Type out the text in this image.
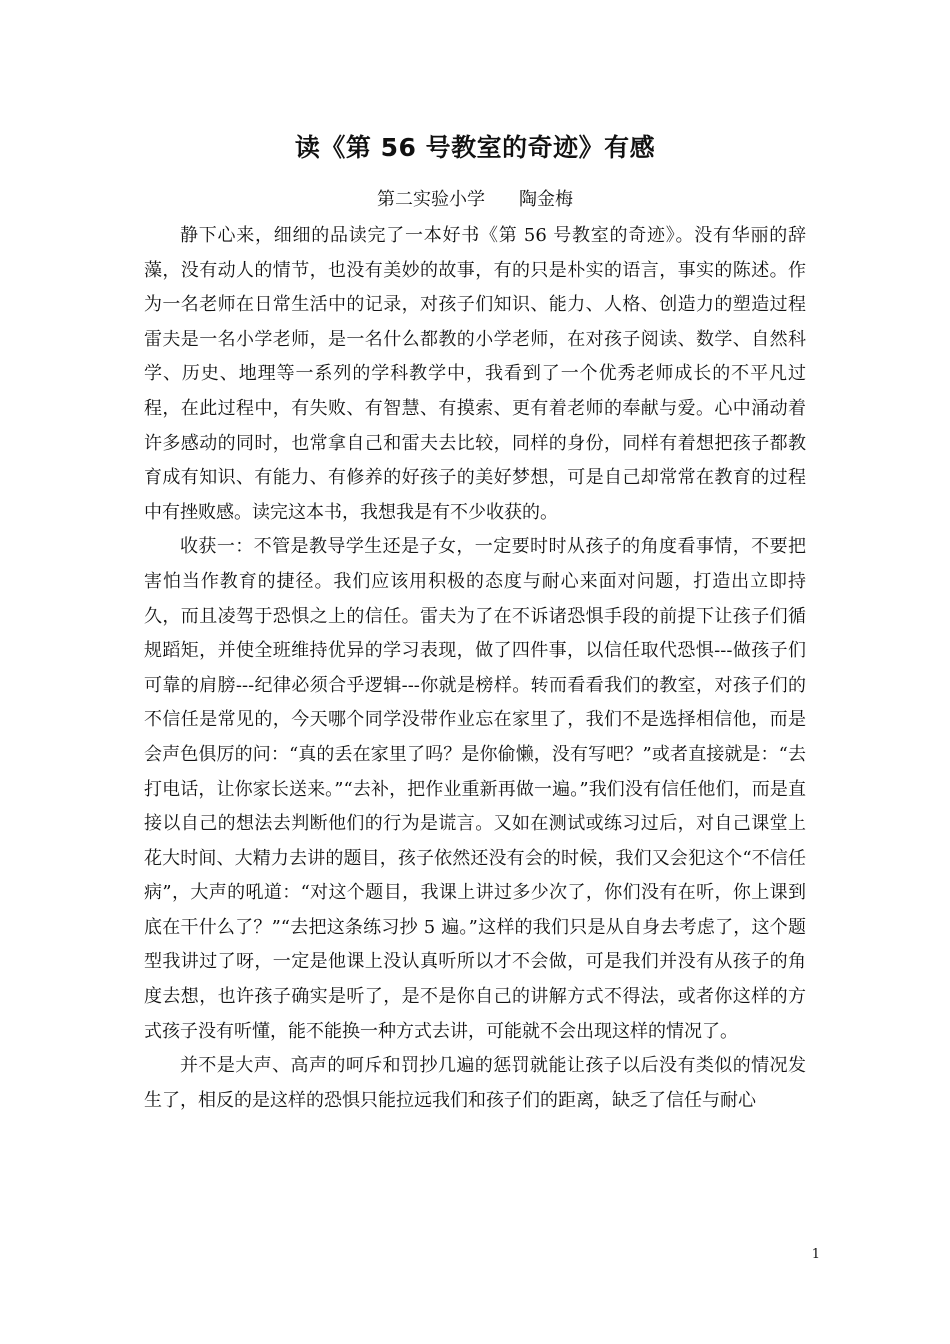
读《第 56 号教室的奇迹》有感
第二实验小学 陶金梅

静下心来，细细的品读完了一本好书《第 56 号教室的奇迹》。没有华丽的辞藻，没有动人的情节，也没有美妙的故事，有的只是朴实的语言，事实的陈述。作为一名老师在日常生活中的记录，对孩子们知识、能力、人格、创造力的塑造过程雷夫是一名小学老师，是一名什么都教的小学老师，在对孩子阅读、数学、自然科学、历史、地理等一系列的学科教学中，我看到了一个优秀老师成长的不平凡过程，在此过程中，有失败、有智慧、有摸索、更有着老师的奉献与爱。心中涌动着许多感动的同时，也常拿自己和雷夫去比较，同样的身份，同样有着想把孩子都教育成有知识、有能力、有修养的好孩子的美好梦想，可是自己却常常在教育的过程中有挫败感。读完这本书，我想我是有不少收获的。

收获一：不管是教导学生还是子女，一定要时时从孩子的角度看事情，不要把害怕当作教育的捷径。我们应该用积极的态度与耐心来面对问题，打造出立即持久，而且凌驾于恐惧之上的信任。雷夫为了在不诉诸恐惧手段的前提下让孩子们循规蹈矩，并使全班维持优异的学习表现，做了四件事，以信任取代恐惧---做孩子们可靠的肩膀---纪律必须合乎逻辑---你就是榜样。转而看看我们的教室，对孩子们的不信任是常见的，今天哪个同学没带作业忘在家里了，我们不是选择相信他，而是会声色俱厉的问：“真的丢在家里了吗？是你偷懒，没有写吧？”或者直接就是：“去打电话，让你家长送来。”“去补，把作业重新再做一遍。”我们没有信任他们，而是直接以自己的想法去判断他们的行为是谎言。又如在测试或练习过后，对自己课堂上花大时间、大精力去讲的题目，孩子依然还没有会的时候，我们又会犯这个“不信任病”，大声的吼道：“对这个题目，我课上讲过多少次了，你们没有在听，你上课到底在干什么了？”“去把这条练习抄 5 遍。”这样的我们只是从自身去考虑了，这个题型我讲过了呀，一定是他课上没认真听所以才不会做，可是我们并没有从孩子的角度去想，也许孩子确实是听了，是不是你自己的讲解方式不得法，或者你这样的方式孩子没有听懂，能不能换一种方式去讲，可能就不会出现这样的情况了。

并不是大声、高声的呵斥和罚抄几遍的惩罚就能让孩子以后没有类似的情况发生了，相反的是这样的恐惧只能拉远我们和孩子们的距离，缺乏了信任与耐心

1
